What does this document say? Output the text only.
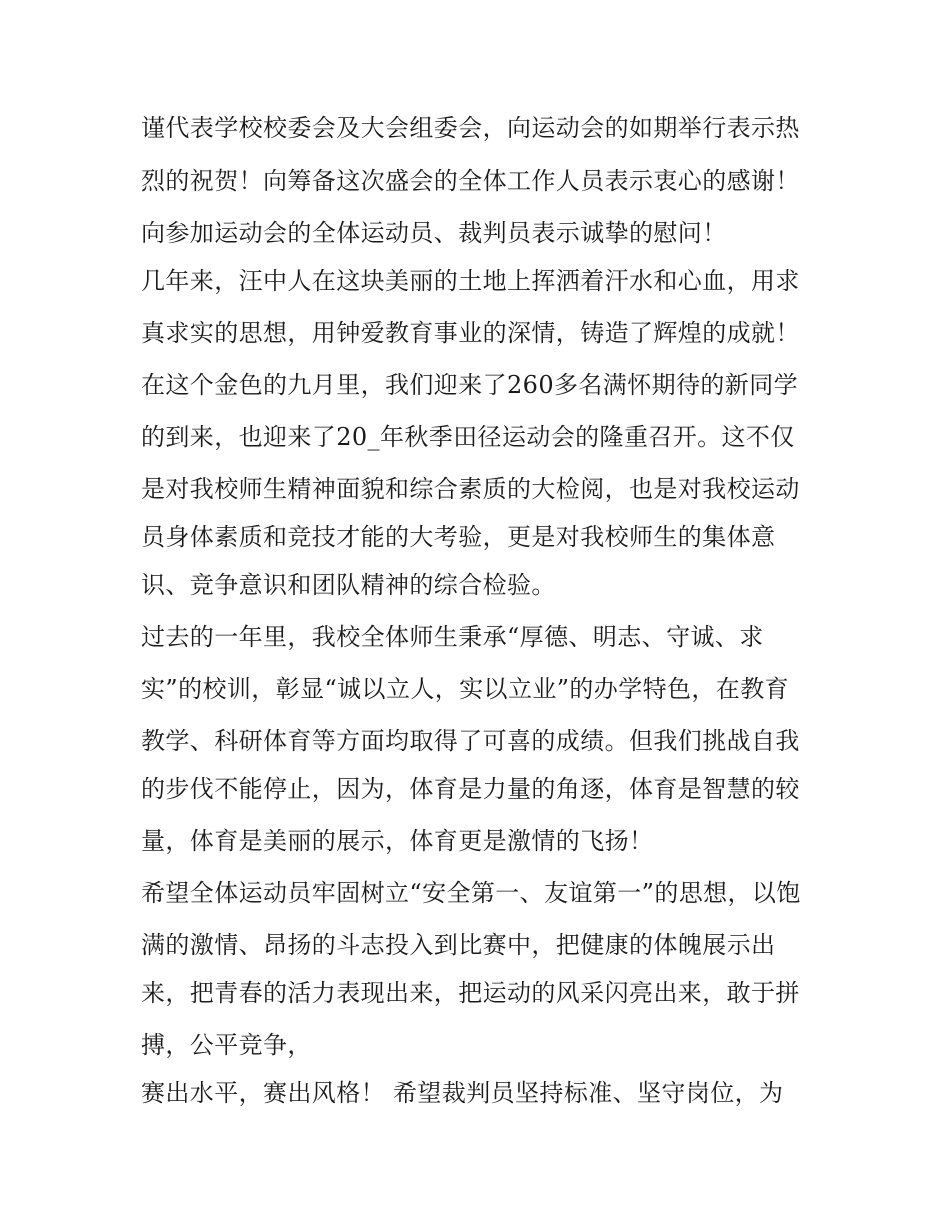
谨代表学校校委会及大会组委会，向运动会的如期举行表示热
烈的祝贺！向筹备这次盛会的全体工作人员表示衷心的感谢！
向参加运动会的全体运动员、裁判员表示诚挚的慰问！
几年来，汪中人在这块美丽的土地上挥洒着汗水和心血，用求
真求实的思想，用钟爱教育事业的深情，铸造了辉煌的成就！
在这个金色的九月里，我们迎来了260多名满怀期待的新同学
的到来，也迎来了20_年秋季田径运动会的隆重召开。这不仅
是对我校师生精神面貌和综合素质的大检阅，也是对我校运动
员身体素质和竞技才能的大考验，更是对我校师生的集体意
识、竞争意识和团队精神的综合检验。
过去的一年里，我校全体师生秉承“厚德、明志、守诚、求
实”的校训，彰显“诚以立人，实以立业”的办学特色，在教育
教学、科研体育等方面均取得了可喜的成绩。但我们挑战自我
的步伐不能停止，因为，体育是力量的角逐，体育是智慧的较
量，体育是美丽的展示，体育更是激情的飞扬！
希望全体运动员牢固树立“安全第一、友谊第一”的思想，以饱
满的激情、昂扬的斗志投入到比赛中，把健康的体魄展示出
来，把青春的活力表现出来，把运动的风采闪亮出来，敢于拼
搏，公平竞争，
赛出水平，赛出风格！ 希望裁判员坚持标准、坚守岗位，为
